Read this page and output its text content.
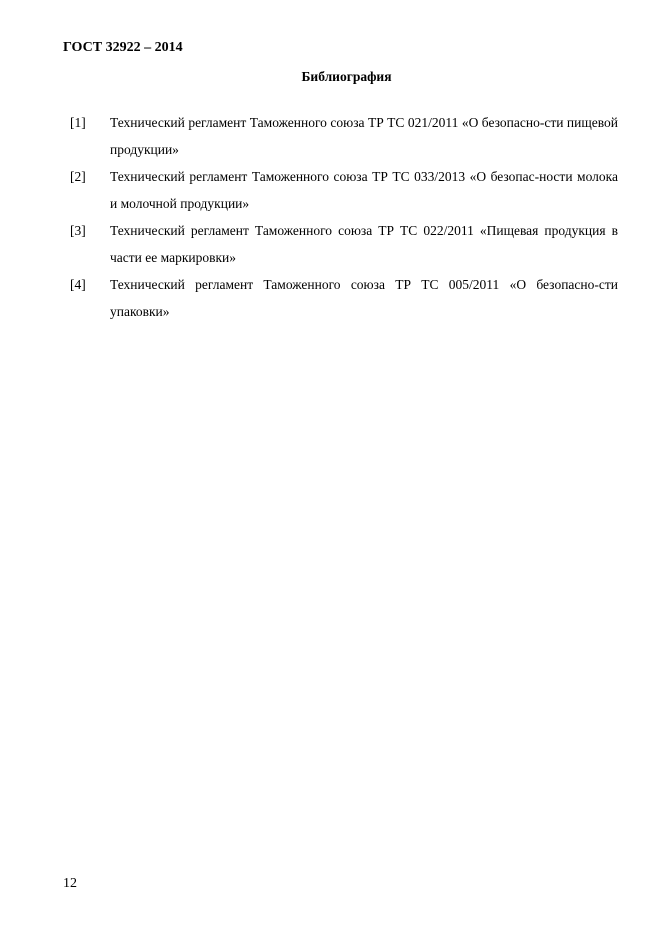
ГОСТ 32922 – 2014
Библиография
[1]	Технический регламент Таможенного союза ТР ТС 021/2011 «О безопасно-сти пищевой продукции»
[2]	Технический регламент Таможенного союза ТР ТС 033/2013 «О безопас-ности молока и молочной продукции»
[3]	Технический регламент Таможенного союза ТР ТС 022/2011 «Пищевая продукция в части ее маркировки»
[4]	Технический регламент Таможенного союза ТР ТС 005/2011 «О безопасно-сти упаковки»
12
